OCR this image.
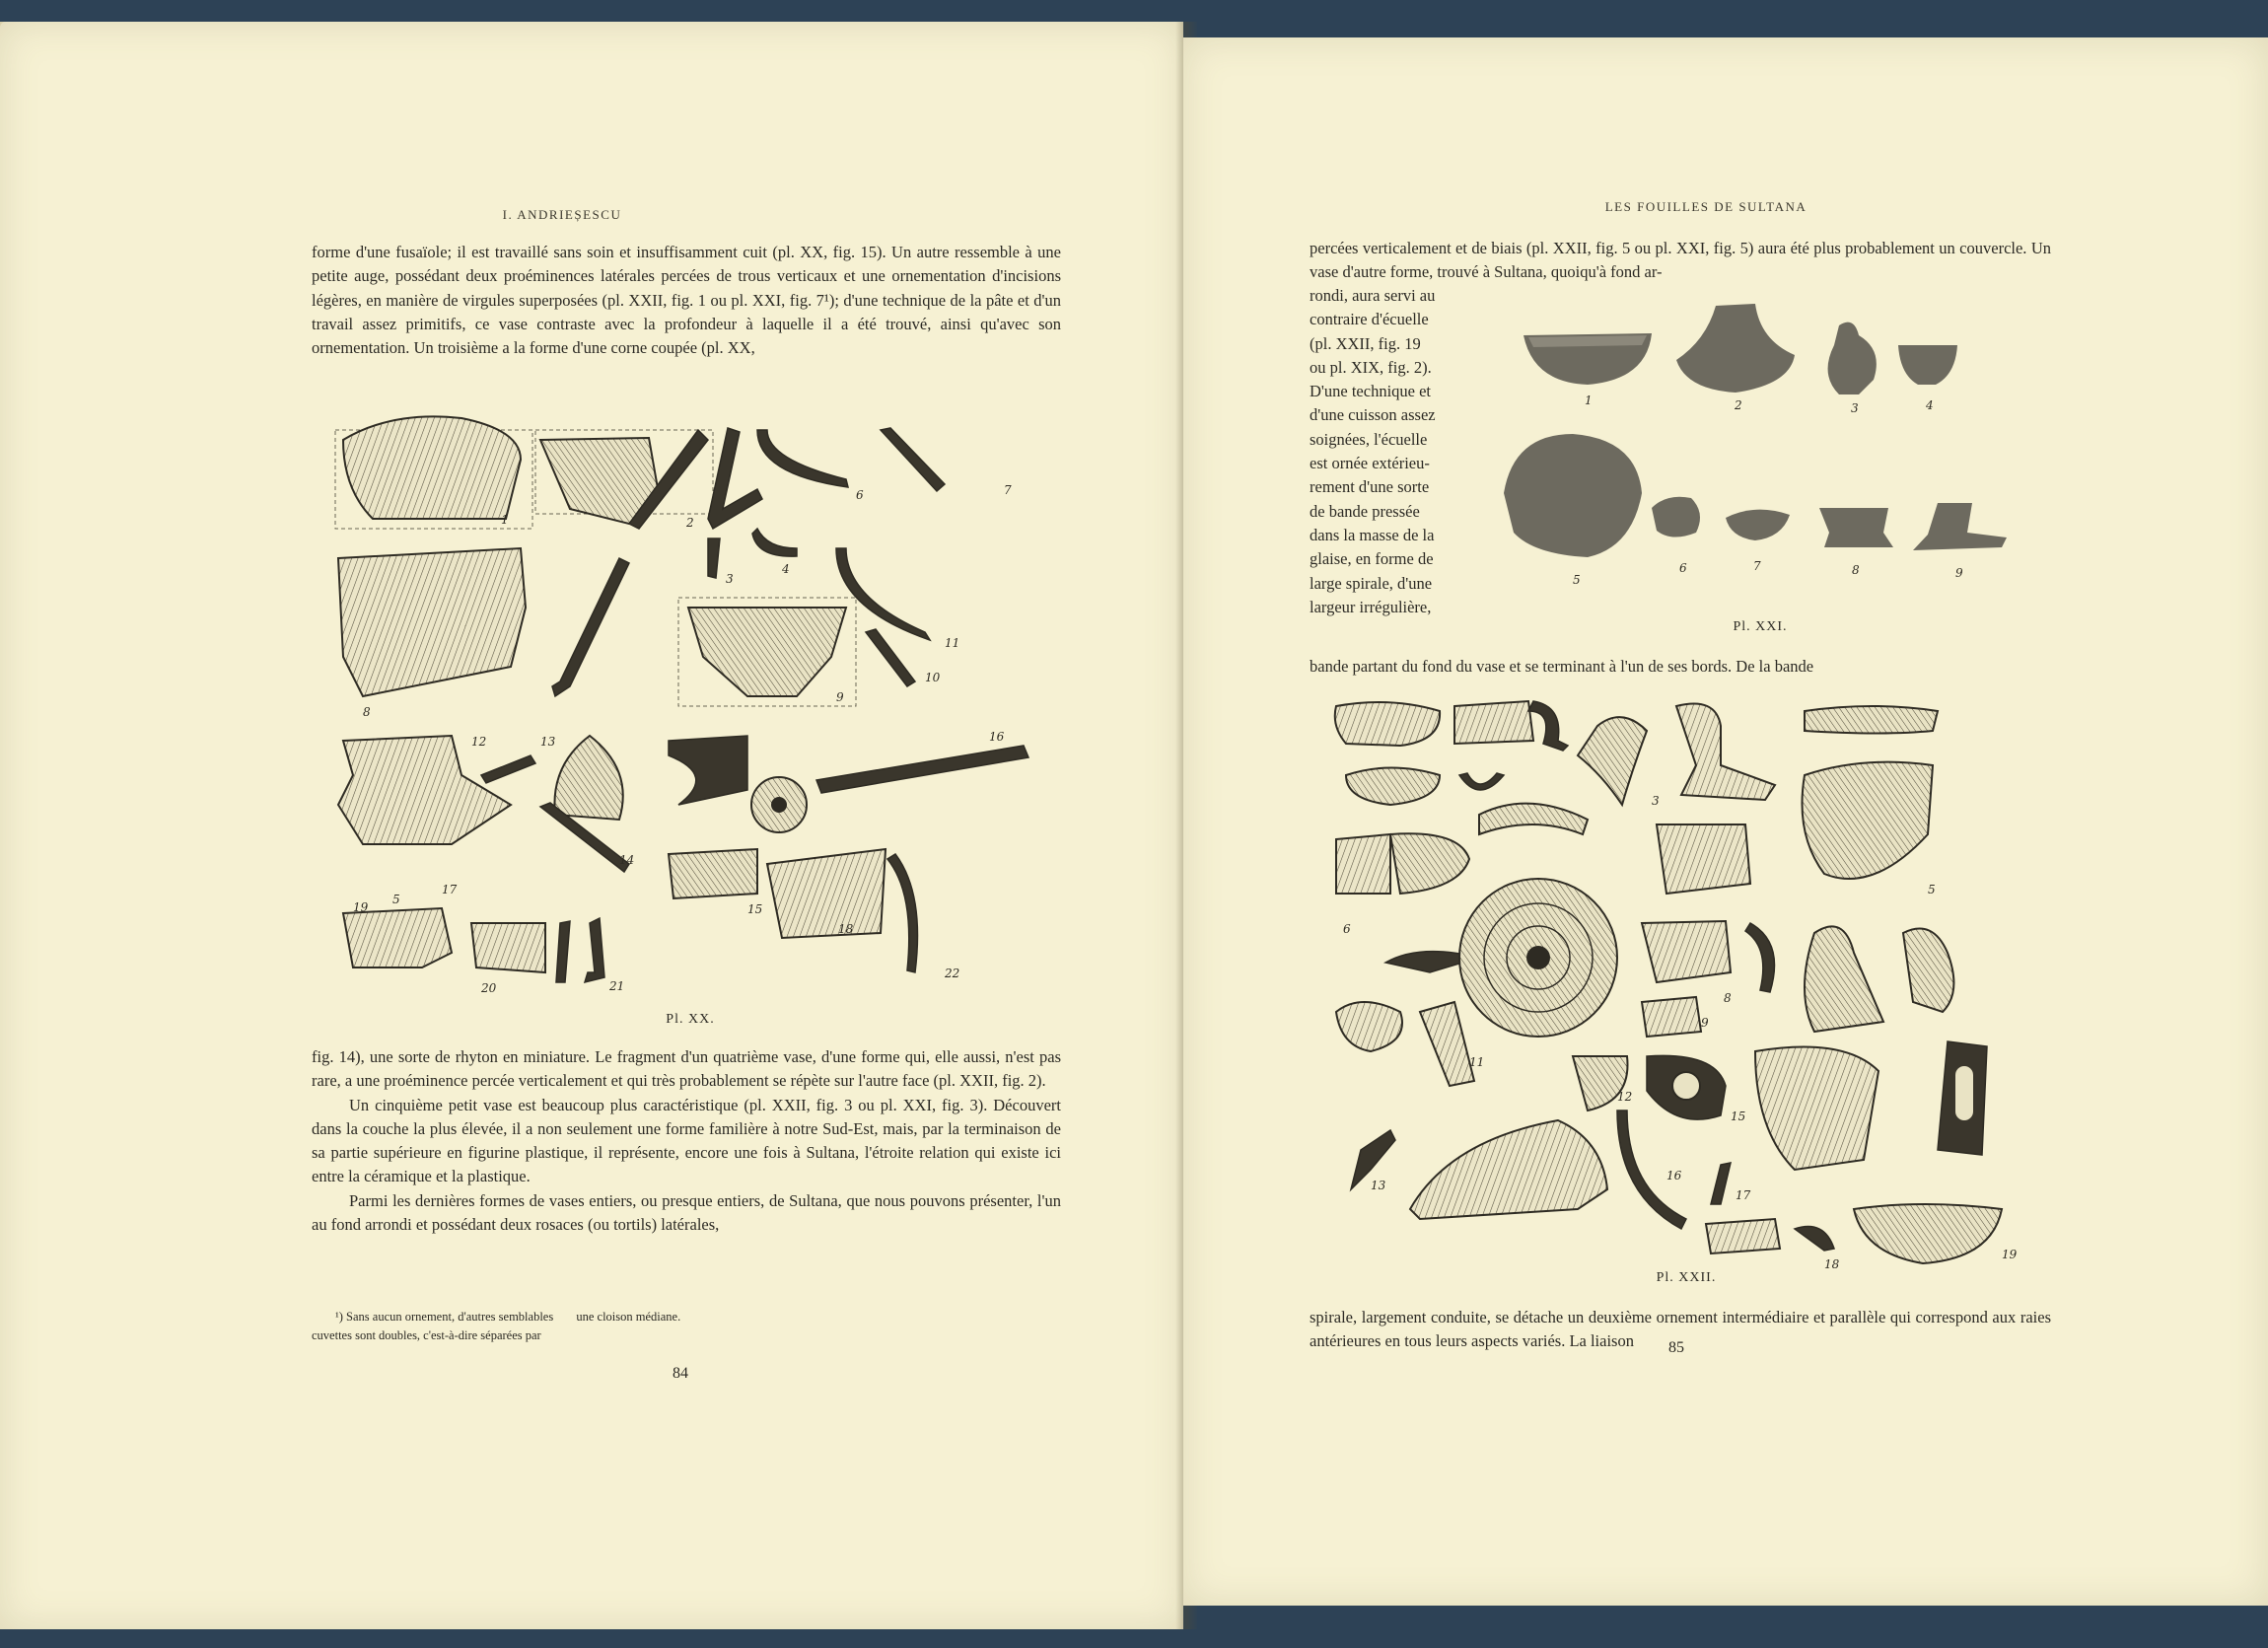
I. ANDRIEȘESCU

forme d'une fusaïole; il est travaillé sans soin et insuffisamment cuit (pl. XX, fig. 15). Un autre ressemble à une petite auge, possédant deux proéminences latérales percées de trous verticaux et une ornementation d'incisions légères, en manière de virgules superposées (pl. XXII, fig. 1 ou pl. XXI, fig. 7¹); d'une technique de la pâte et d'un travail assez primitifs, ce vase contraste avec la profondeur à laquelle il a été trouvé, ainsi qu'avec son ornementation. Un troisième a la forme d'une corne coupée (pl. XX,

1	2
6	7
3
4
8
9
11
10
12	13	16
14
15
22
18
19
20	21
17
5
Pl. XX.

fig. 14), une sorte de rhyton en miniature. Le fragment d'un quatrième vase, d'une forme qui, elle aussi, n'est pas rare, a une proéminence percée verticalement et qui très probablement se répète sur l'autre face (pl. XXII, fig. 2).

Un cinquième petit vase est beaucoup plus caractéristique (pl. XXII, fig. 3 ou pl. XXI, fig. 3). Découvert dans la couche la plus élevée, il a non seulement une forme familière à notre Sud-Est, mais, par la terminaison de sa partie supérieure en figurine plastique, il représente, encore une fois à Sultana, l'étroite relation qui existe ici entre la céramique et la plastique.

Parmi les dernières formes de vases entiers, ou presque entiers, de Sultana, que nous pouvons présenter, l'un au fond arrondi et possédant deux rosaces (ou tortils) latérales,

¹) Sans aucun ornement, d'autres semblables une cloison médiane.
cuvettes sont doubles, c'est-à-dire séparées par
84
LES FOUILLES DE SULTANA

percées verticalement et de biais (pl. XXII, fig. 5 ou pl. XXI, fig. 5) aura été plus probablement un couvercle. Un vase d'autre forme, trouvé à Sultana, quoiqu'à fond ar-

rondi, aura servi au
contraire d'écuelle
(pl. XXII, fig. 19
ou pl. XIX, fig. 2).
D'une technique et
d'une cuisson assez
soignées, l'écuelle
est ornée extérieu-
rement d'une sorte
de bande pressée
dans la masse de la
glaise, en forme de
large spirale, d'une
largeur irrégulière,
1	2	3	4
5
6	7	8	9
Pl. XXI.

bande partant du fond du vase et se terminant à l'un de ses bords. De la bande

3
5
6
8
11
9
12
15
13
16
17
18
19
Pl. XXII.

spirale, largement conduite, se détache un deuxième ornement intermédiaire et parallèle qui correspond aux raies antérieures en tous leurs aspects variés. La liaison	85
